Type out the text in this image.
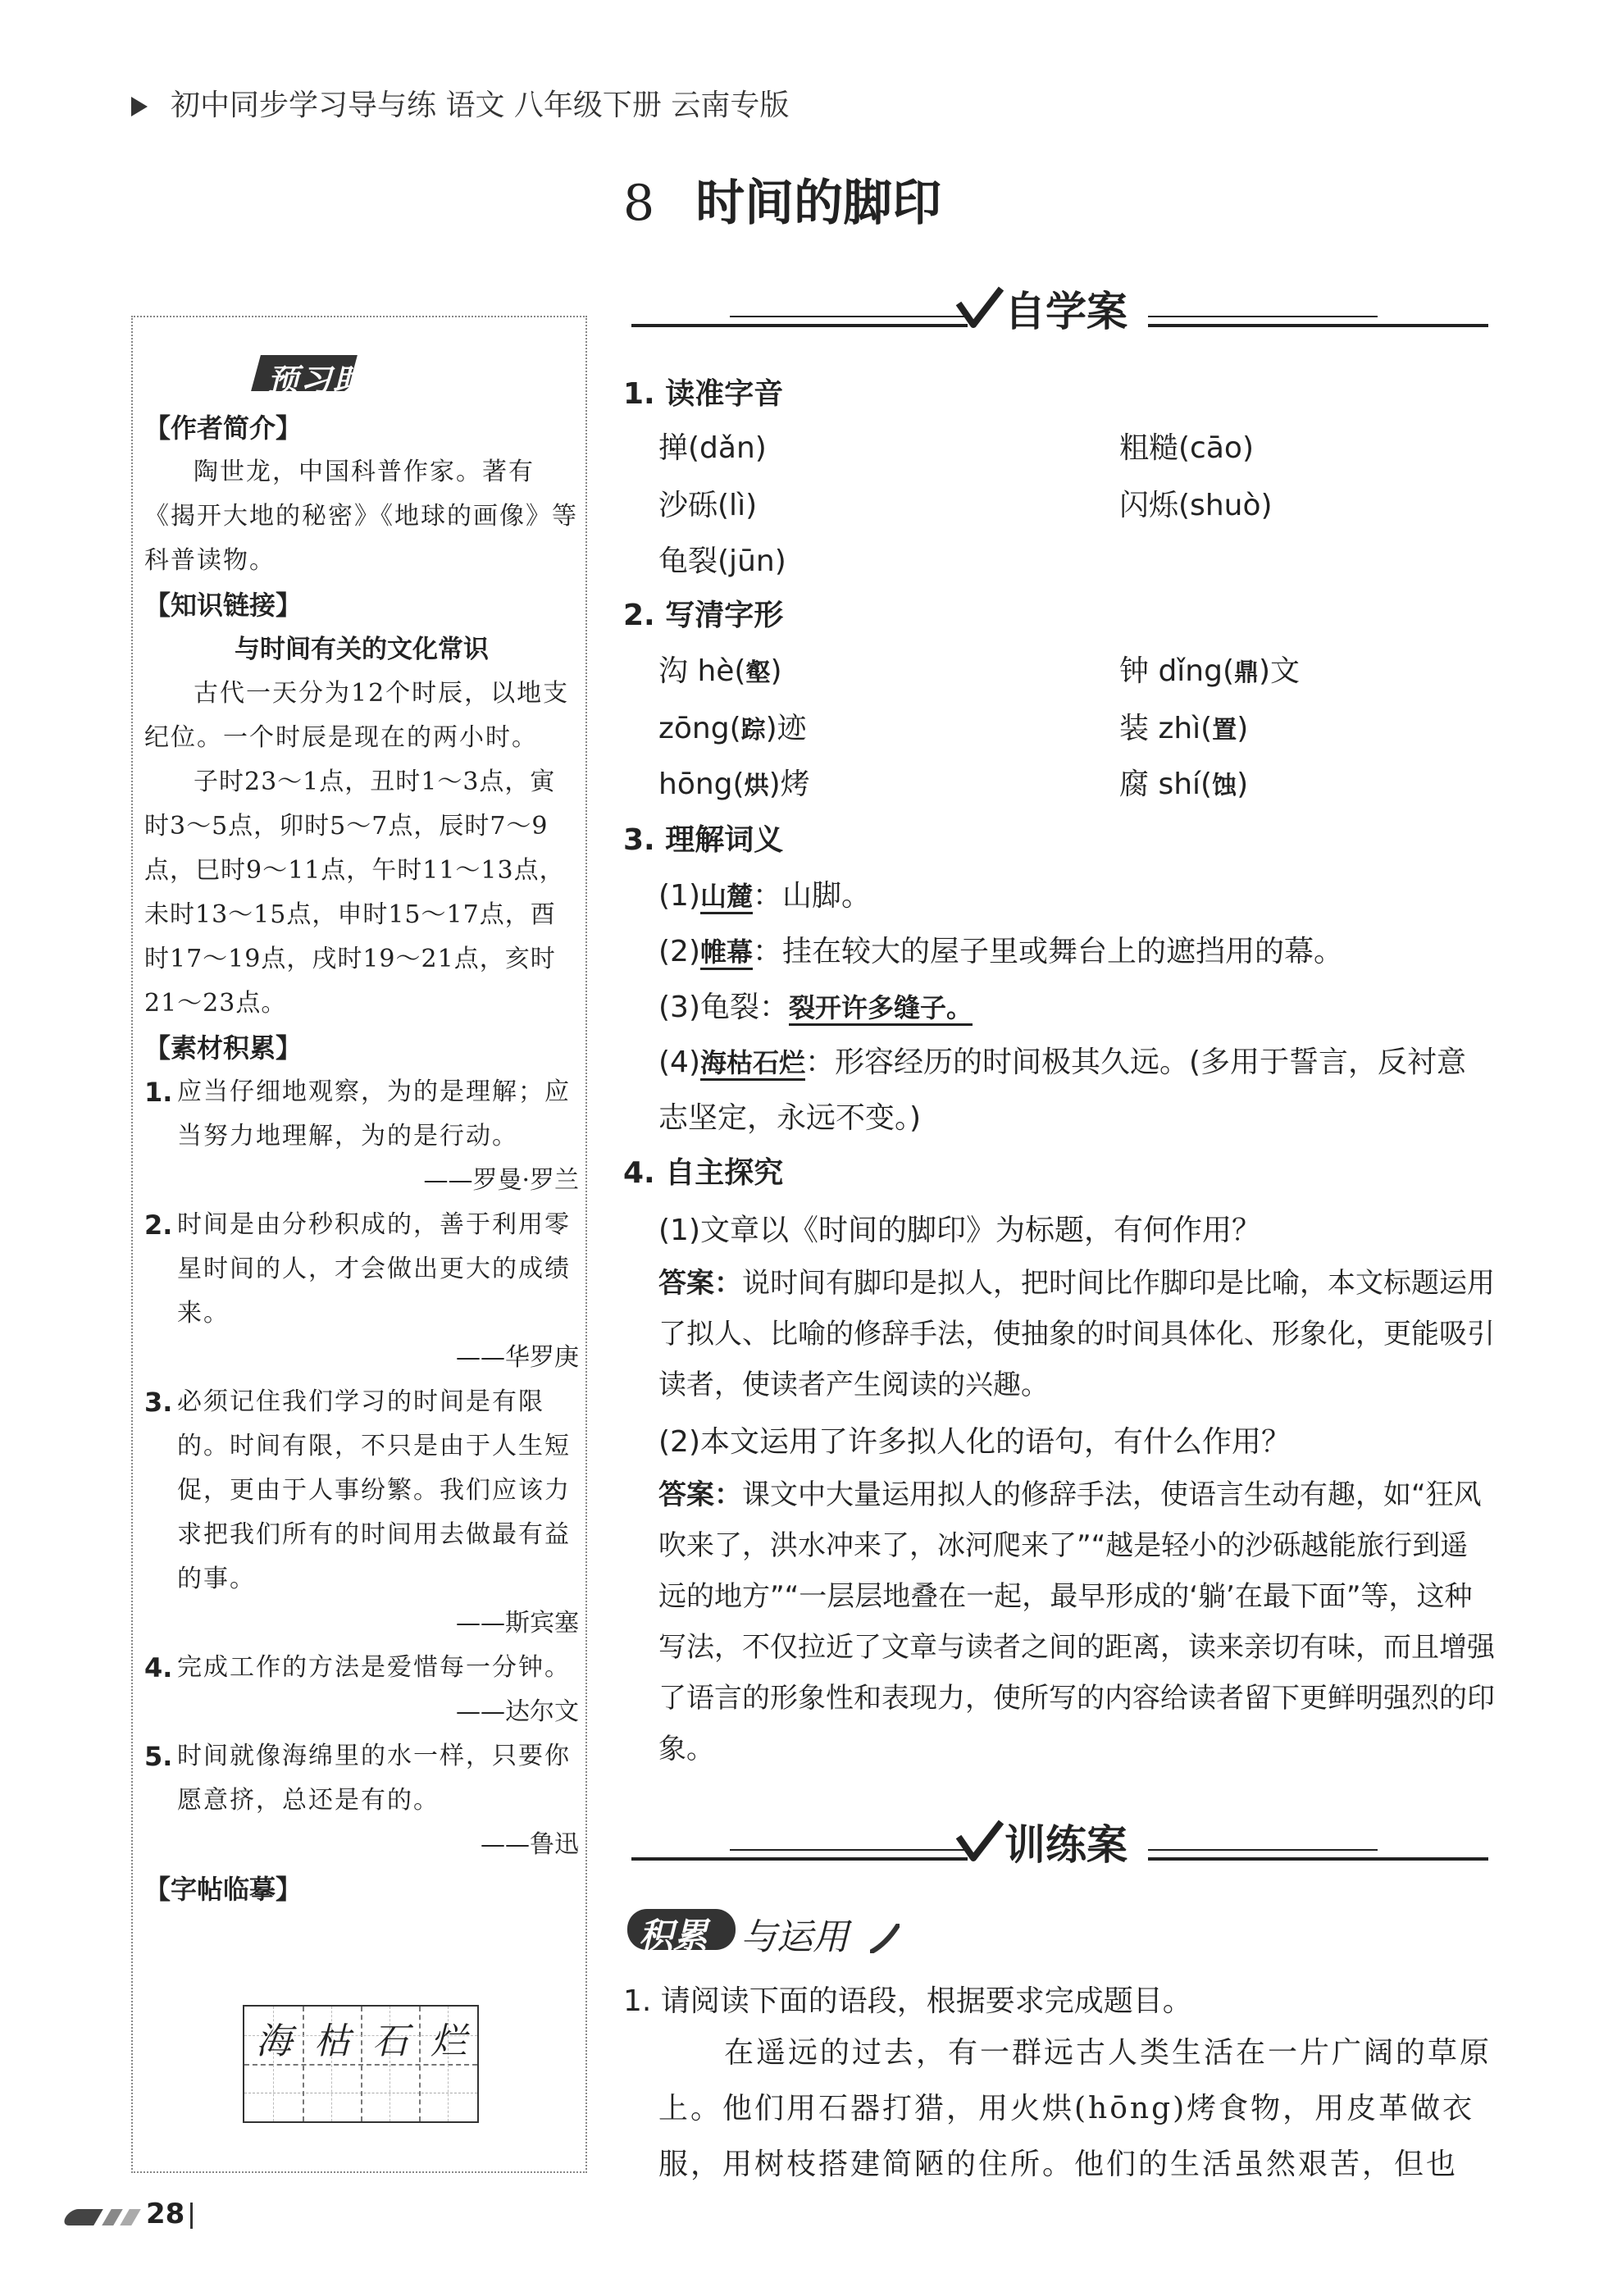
初中同步学习导与练 语文 八年级下册 云南专版
8 时间的脚印
预习助读
【作者简介】
陶世龙，中国科普作家。著有《揭开大地的秘密》《地球的画像》等科普读物。
【知识链接】
与时间有关的文化常识
古代一天分为12个时辰，以地支纪位。一个时辰是现在的两小时。
子时23～1点，丑时1～3点，寅时3～5点，卯时5～7点，辰时7～9点，巳时9～11点，午时11～13点，未时13～15点，申时15～17点，酉时17～19点，戌时19～21点，亥时21～23点。
【素材积累】
1. 应当仔细地观察，为的是理解；应当努力地理解，为的是行动。
——罗曼·罗兰
2. 时间是由分秒积成的，善于利用零星时间的人，才会做出更大的成绩来。
——华罗庚
3. 必须记住我们学习的时间是有限的。时间有限，不只是由于人生短促，更由于人事纷繁。我们应该力求把我们所有的时间用去做最有益的事。
——斯宾塞
4. 完成工作的方法是爱惜每一分钟。
——达尔文
5. 时间就像海绵里的水一样，只要你愿意挤，总还是有的。
——鲁迅
【字帖临摹】
海 枯 石 烂
自学案
1. 读准字音
掸 •(dǎn)	粗糙(cāo)
沙砾(lì)	闪烁(shuò)
龟裂(jūn)
2. 写清字形
沟 hè(壑)	钟 dǐng(鼎)文
zōng(踪)迹	装 zhì(置)
hōng(烘)烤	腐 shí(蚀)
3. 理解词义
(1)山麓：山脚。
(2)帷幕：挂在较大的屋子里或舞台上的遮挡用的幕。
(3)龟裂：裂开许多缝子。
(4)海枯石烂：形容经历的时间极其久远。(多用于誓言，反衬意志坚定，永远不变。)
4. 自主探究
(1)文章以《时间的脚印》为标题，有何作用？
答案：说时间有脚印是拟人，把时间比作脚印是比喻，本文标题运用了拟人、比喻的修辞手法，使抽象的时间具体化、形象化，更能吸引读者，使读者产生阅读的兴趣。
(2)本文运用了许多拟人化的语句，有什么作用？
答案：课文中大量运用拟人的修辞手法，使语言生动有趣，如“狂风吹来了，洪水冲来了，冰河爬来了”“越是轻小的沙砾越能旅行到遥远的地方”“一层层地叠在一起，最早形成的‘躺’在最下面”等，这种写法，不仅拉近了文章与读者之间的距离，读来亲切有味，而且增强了语言的形象性和表现力，使所写的内容给读者留下更鲜明强烈的印象。
训练案
积累 与运用
1. 请阅读下面的语段，根据要求完成题目。
在遥远的过去，有一群远古人类生活在一片广阔的草原上。他们用石器打猎，用火烘(hōng)烤食物，用皮革做衣服，用树枝搭建简陋的住所。他们的生活虽然艰苦，但也
28
